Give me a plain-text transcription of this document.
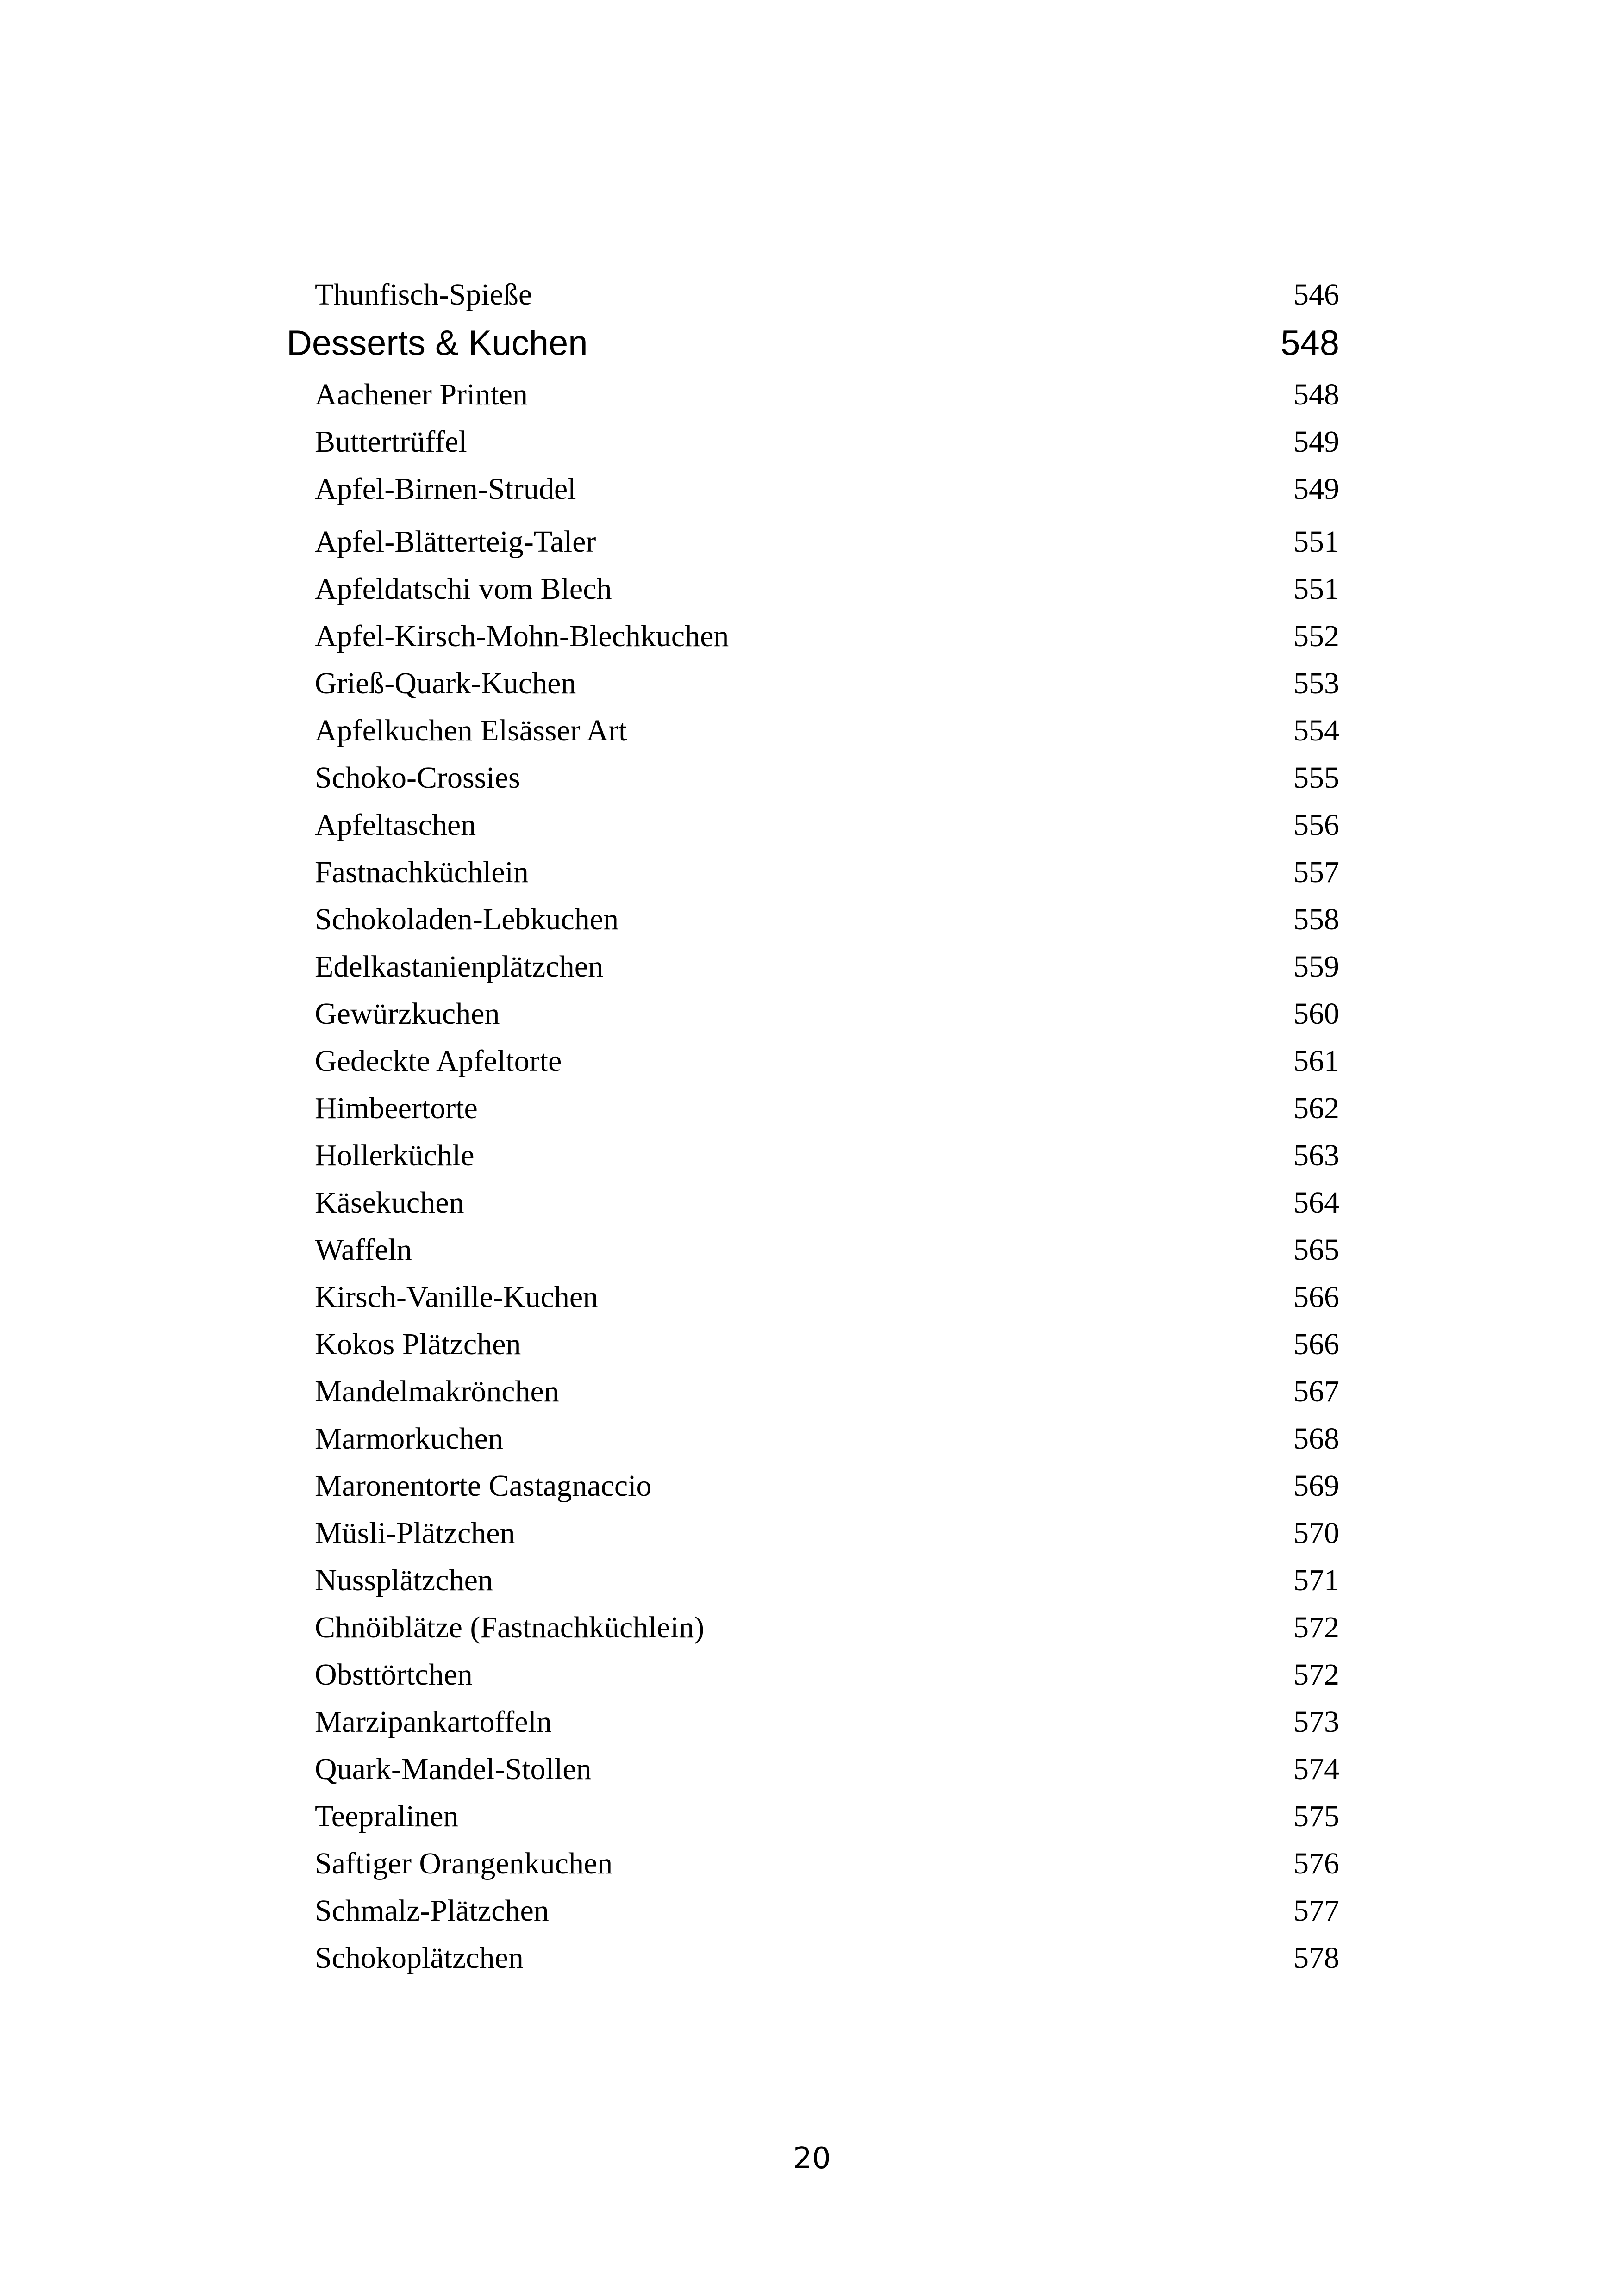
Thunfisch-Spieße	546
Desserts & Kuchen	548
Aachener Printen	548
Buttertrüffel	549
Apfel-Birnen-Strudel	549
Apfel-Blätterteig-Taler	551
Apfeldatschi vom Blech	551
Apfel-Kirsch-Mohn-Blechkuchen	552
Grieß-Quark-Kuchen	553
Apfelkuchen Elsässer Art	554
Schoko-Crossies	555
Apfeltaschen	556
Fastnachküchlein	557
Schokoladen-Lebkuchen	558
Edelkastanienplätzchen	559
Gewürzkuchen	560
Gedeckte Apfeltorte	561
Himbeertorte	562
Hollerküchle	563
Käsekuchen	564
Waffeln	565
Kirsch-Vanille-Kuchen	566
Kokos Plätzchen	566
Mandelmakrönchen	567
Marmorkuchen	568
Maronentorte Castagnaccio	569
Müsli-Plätzchen	570
Nussplätzchen	571
Chnöiblätze (Fastnachküchlein)	572
Obsttörtchen	572
Marzipankartoffeln	573
Quark-Mandel-Stollen	574
Teepralinen	575
Saftiger Orangenkuchen	576
Schmalz-Plätzchen	577
Schokoplätzchen	578
20
